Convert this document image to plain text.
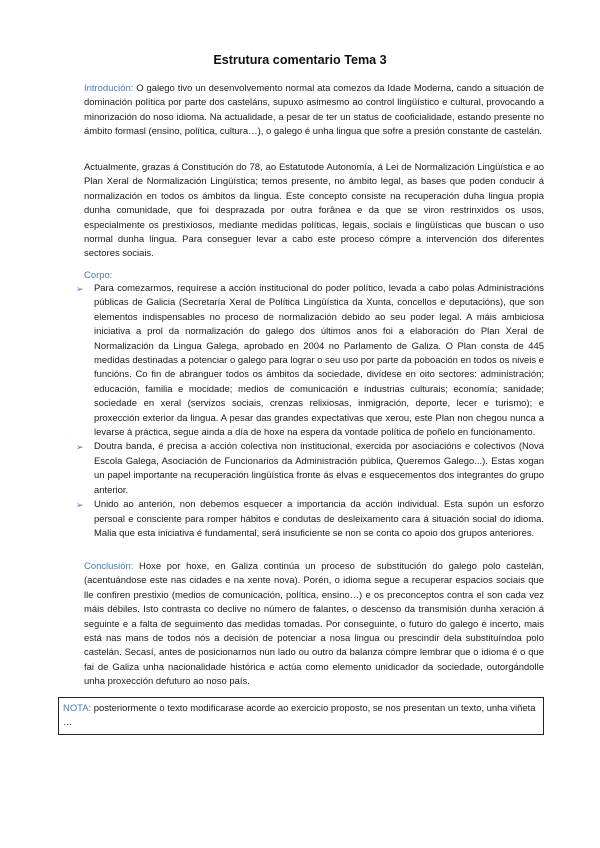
Estrutura comentario Tema 3

Introdución: O galego tivo un desenvolvemento normal ata comezos da Idade Moderna, cando a situación de dominación política por parte dos casteláns, supuxo asimesmo ao control lingüístico e cultural, provocando a minorización do noso idioma. Na actualidade, a pesar de ter un status de cooficialidade, estando presente no ámbito formasl (ensino, política, cultura…), o galego é unha lingua que sofre a presión constante de castelán.

Actualmente, grazas á Constitución do 78, ao Estatutode Autonomía, á Lei de Normalización Lingüística e ao Plan Xeral de Normalización Lingüística; temos presente, no ámbito legal, as bases que poden conducir á normalización en todos os ámbitos da lingua. Este concepto consiste na recuperación duha lingua propia dunha comunidade, que foi desprazada por outra forânea e da que se viron restrinxidos os usos, especialmente os prestixiosos, mediante medidas políticas, legais, sociais e lingüísticas que buscan o uso normal dunha lingua. Para conseguer levar a cabo este proceso cómpre a intervención dos diferentes sectores sociais.

Corpo:

➢ Para comezarmos, requírese a acción institucional do poder político, levada a cabo polas Administracións públicas de Galicia (Secretaría Xeral de Política Lingüística da Xunta, concellos e deputacións), que son elementos indispensables no proceso de normalización debido ao seu poder legal. A máis ambiciosa iniciativa a prol da normalización do galego dos últimos anos foi a elaboración do Plan Xeral de Normalización da Lingua Galega, aprobado en 2004 no Parlamento de Galiza. O Plan consta de 445 medidas destinadas a potenciar o galego para lograr o seu uso por parte da poboación en todos os niveis e funcións. Co fin de abranguer todos os ámbitos da sociedade, divídese en oito sectores: administración; educación, familia e mocidade; medios de comunicación e industrias culturais; economía; sanidade; sociedade en xeral (servizos sociais, crenzas relixiosas, inmigración, deporte, lecer e turismo); e proxección exterior da lingua. A pesar das grandes expectativas que xerou, este Plan non chegou nunca a levarse á práctica, segue ainda a día de hoxe na espera da vontade política de poñelo en funcionamento.
➢ Doutra banda, é precisa a acción colectiva non institucional, exercida por asociacións e colectivos (Nova Escola Galega, Asociación de Funcionarios da Administración pública, Queremos Galego...). Estas xogan un papel importante na recuperación lingüística fronte ás elvas e esquecementos dos integrantes do grupo anterior.
➢ Unido ao anterión, non debemos esquecer a importancia da acción individual. Esta supón un esforzo persoal e consciente para romper hábitos e condutas de desleixamento cara á situación social do idioma. Malia que esta iniciativa é fundamental, será insuficiente se non se conta co apoio dos grupos anteriores.

Conclusión: Hoxe por hoxe, en Galiza continúa un proceso de substitución do galego polo castelán, (acentuándose este nas cidades e na xente nova). Porén, o idioma segue a recuperar espacios sociais que lle confiren prestixio (medios de comunicación, política, ensino…) e os preconceptos contra el son cada vez máis débiles. Isto contrasta co declive no número de falantes, o descenso da transmisión dunha xeración á seguinte e a falta de seguimento das medidas tomadas. Por conseguinte, o futuro do galego é incerto, mais está nas mans de todos nós a decisión de potenciar a nosa lingua ou prescindir dela substituíndoa polo castelán. Secasí, antes de posicionarnos nun lado ou outro da balanza cómpre lembrar que o idioma é o que fai de Galiza unha nacionalidade histórica e actúa como elemento unidicador da sociedade, outorgándolle unha proxección defuturo ao noso país.

NOTA: posteriormente o texto modificarase acorde ao exercicio proposto, se nos presentan un texto, unha viñeta …
